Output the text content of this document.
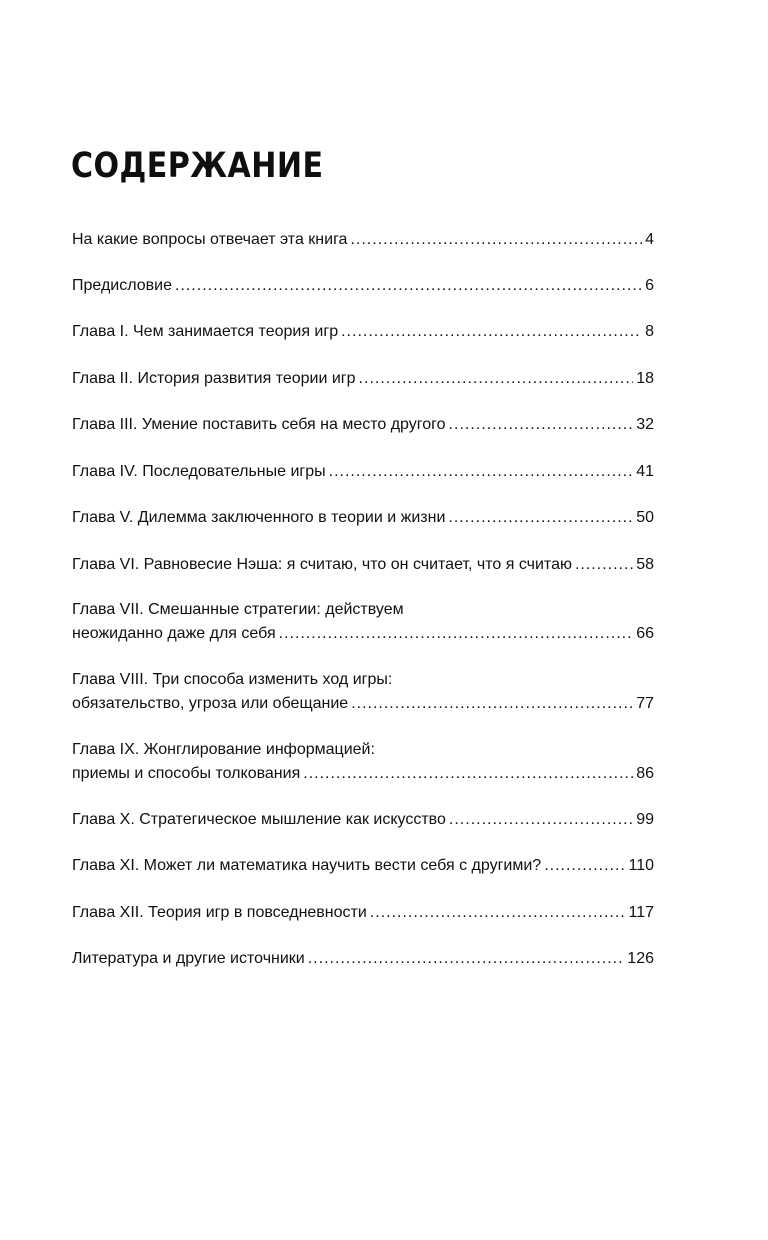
СОДЕРЖАНИЕ
На какие вопросы отвечает эта книга .....	4
Предисловие .....	6
Глава I. Чем занимается теория игр .....	8
Глава II. История развития теории игр .....	18
Глава III. Умение поставить себя на место другого .....	32
Глава IV. Последовательные игры .....	41
Глава V. Дилемма заключенного в теории и жизни .....	50
Глава VI. Равновесие Нэша: я считаю, что он считает, что я считаю .....	58
Глава VII. Смешанные стратегии: действуем
неожиданно даже для себя .....	66
Глава VIII. Три способа изменить ход игры:
обязательство, угроза или обещание .....	77
Глава IX. Жонглирование информацией:
приемы и способы толкования .....	86
Глава X. Стратегическое мышление как искусство .....	99
Глава XI. Может ли математика научить вести себя с другими? .....	110
Глава XII. Теория игр в повседневности .....	117
Литература и другие источники .....	126
